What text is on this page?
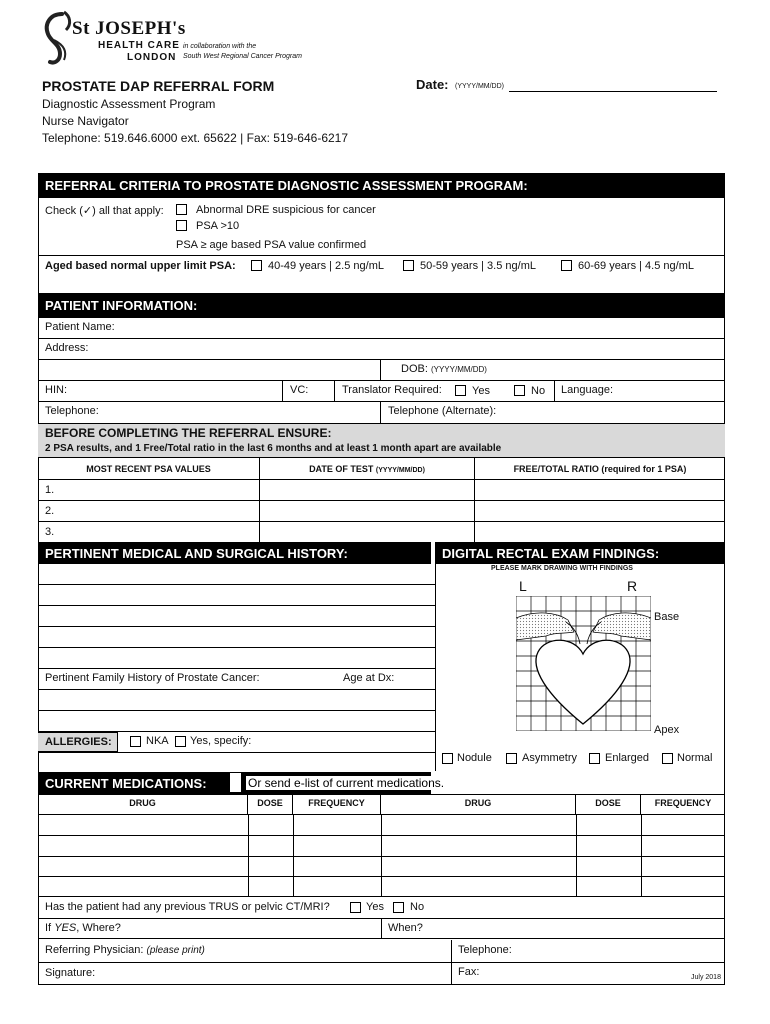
St JOSEPH's
HEALTH CARE
LONDON
in collaboration with the
South West Regional Cancer Program
PROSTATE DAP REFERRAL FORM	Date: (YYYY/MM/DD)
Diagnostic Assessment Program
Nurse Navigator
Telephone: 519.646.6000 ext. 65622 | Fax: 519-646-6217
REFERRAL CRITERIA TO PROSTATE DIAGNOSTIC ASSESSMENT PROGRAM:
Check (✓) all that apply:	Abnormal DRE suspicious for cancer
PSA >10
PSA ≥ age based PSA value confirmed
Aged based normal upper limit PSA:	40-49 years | 2.5 ng/mL	50-59 years | 3.5 ng/mL	60-69 years | 4.5 ng/mL
PATIENT INFORMATION:
Patient Name:
Address:
DOB: (YYYY/MM/DD)
HIN:	VC:	Translator Required:	Yes	No	Language:
Telephone:	Telephone (Alternate):
BEFORE COMPLETING THE REFERRAL ENSURE:
2 PSA results, and 1 Free/Total ratio in the last 6 months and at least 1 month apart are available
MOST RECENT PSA VALUES	DATE OF TEST (YYYY/MM/DD)	FREE/TOTAL RATIO (required for 1 PSA)
1.
2.
3.
PERTINENT MEDICAL AND SURGICAL HISTORY:	DIGITAL RECTAL EXAM FINDINGS:
Pertinent Family History of Prostate Cancer:	Age at Dx:
ALLERGIES:	NKA Yes, specify:
PLEASE MARK DRAWING WITH FINDINGS
L	R
Base
Apex
Nodule	Asymmetry	Enlarged	Normal
CURRENT MEDICATIONS:	Or send e-list of current medications.
DRUG	DOSE	FREQUENCY	DRUG	DOSE	FREQUENCY
Has the patient had any previous TRUS or pelvic CT/MRI?	Yes No
If YES, Where?	When?
Referring Physician: (please print)	Telephone:
Signature:	Fax:	July 2018
